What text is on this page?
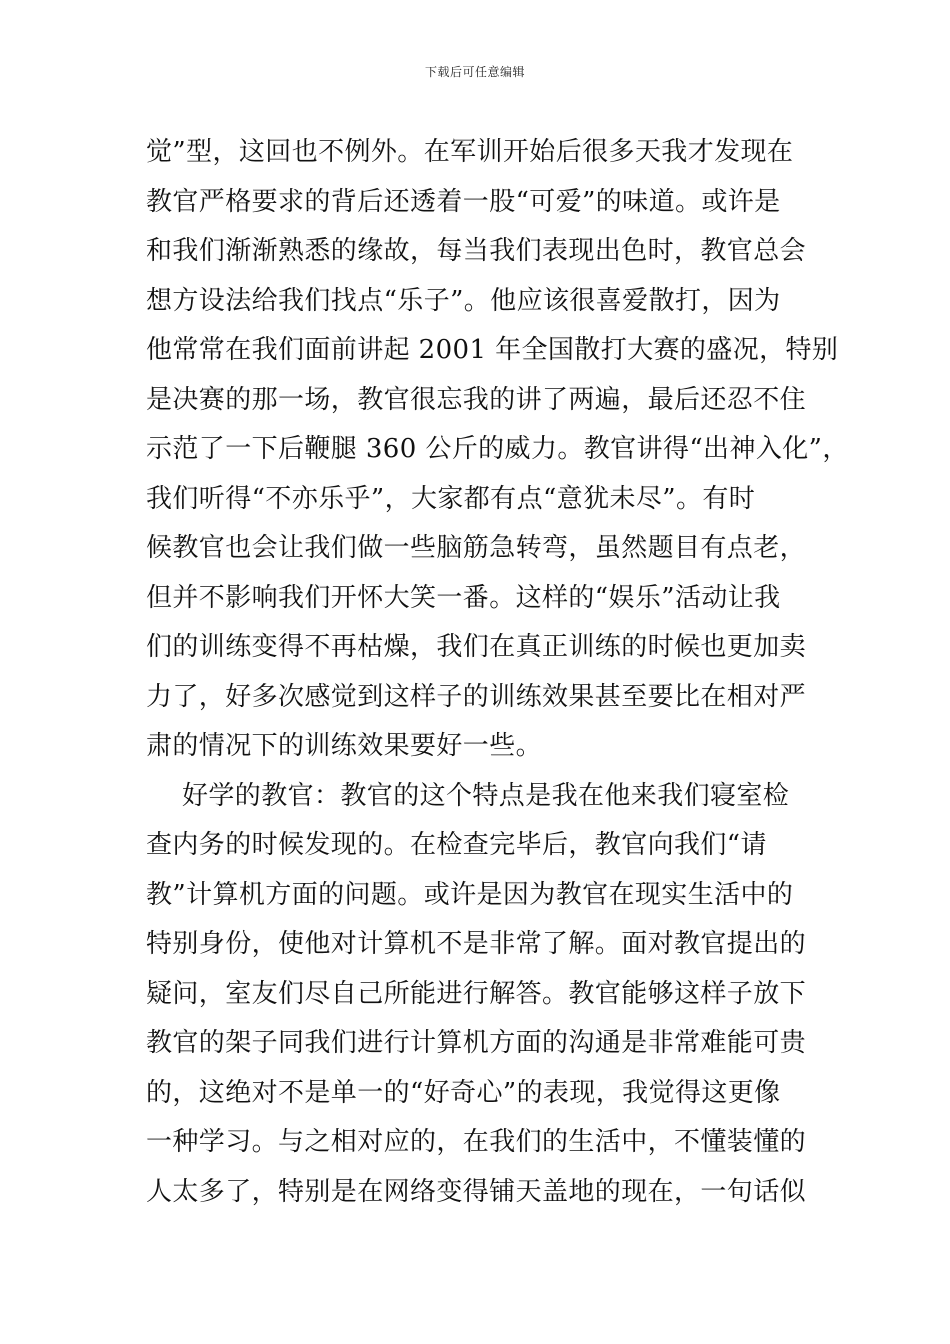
下载后可任意编辑
觉”型，这回也不例外。在军训开始后很多天我才发现在
教官严格要求的背后还透着一股“可爱”的味道。或许是
和我们渐渐熟悉的缘故，每当我们表现出色时，教官总会
想方设法给我们找点“乐子”。他应该很喜爱散打，因为
他常常在我们面前讲起 2001 年全国散打大赛的盛况，特别
是决赛的那一场，教官很忘我的讲了两遍，最后还忍不住
示范了一下后鞭腿 360 公斤的威力。教官讲得“出神入化”，
我们听得“不亦乐乎”，大家都有点“意犹未尽”。有时
候教官也会让我们做一些脑筋急转弯，虽然题目有点老，
但并不影响我们开怀大笑一番。这样的“娱乐”活动让我
们的训练变得不再枯燥，我们在真正训练的时候也更加卖
力了，好多次感觉到这样子的训练效果甚至要比在相对严
肃的情况下的训练效果要好一些。
好学的教官：教官的这个特点是我在他来我们寝室检
查内务的时候发现的。在检查完毕后，教官向我们“请
教”计算机方面的问题。或许是因为教官在现实生活中的
特别身份，使他对计算机不是非常了解。面对教官提出的
疑问，室友们尽自己所能进行解答。教官能够这样子放下
教官的架子同我们进行计算机方面的沟通是非常难能可贵
的，这绝对不是单一的“好奇心”的表现，我觉得这更像
一种学习。与之相对应的，在我们的生活中，不懂装懂的
人太多了，特别是在网络变得铺天盖地的现在，一句话似
